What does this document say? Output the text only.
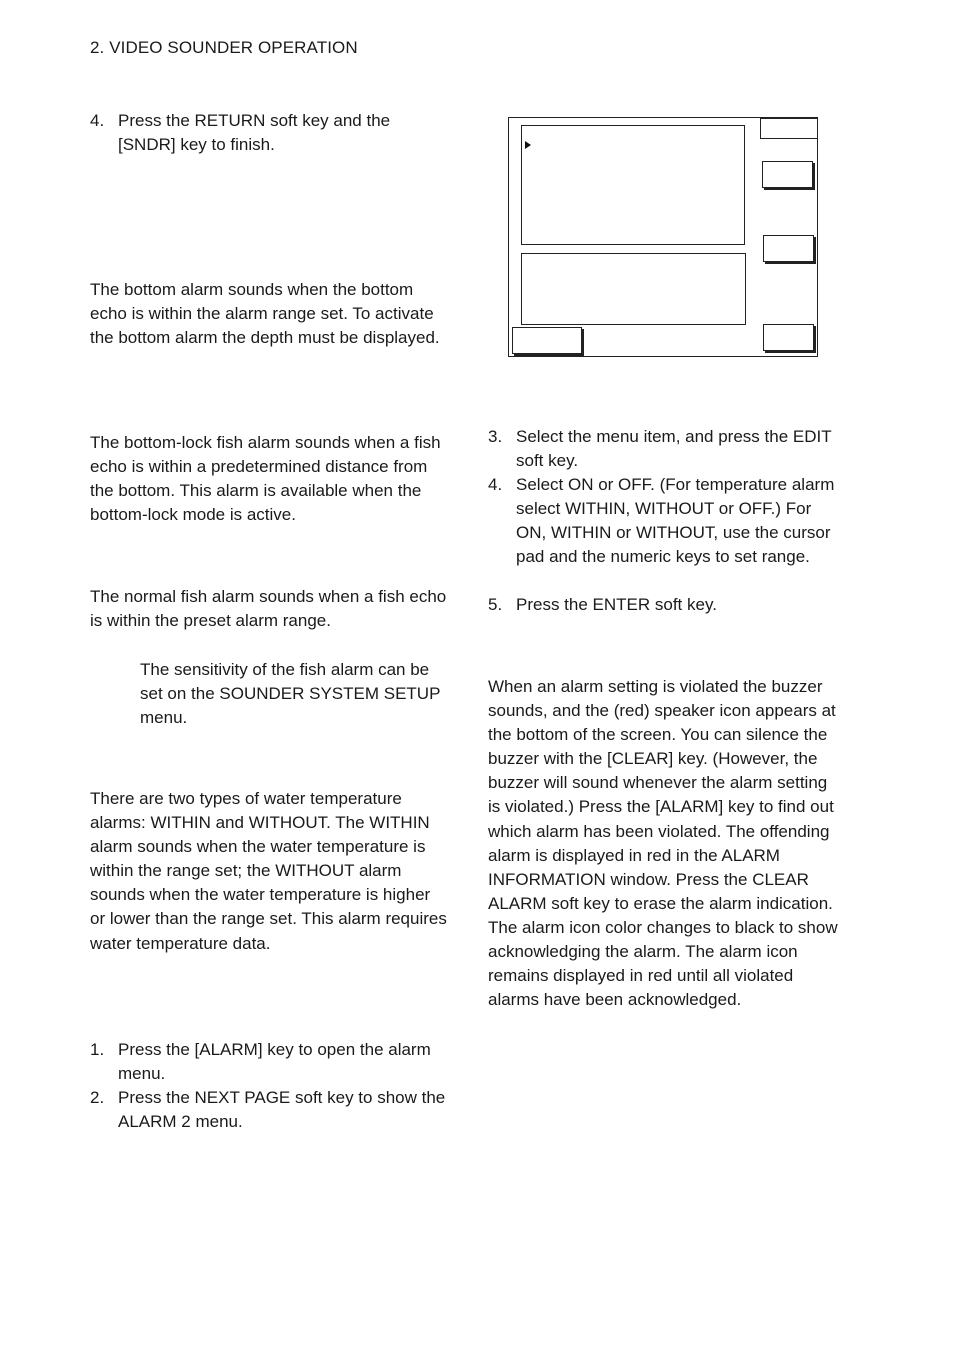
2. VIDEO SOUNDER OPERATION
4. Press the RETURN soft key and the [SNDR] key to finish.

The bottom alarm sounds when the bottom echo is within the alarm range set. To activate the bottom alarm the depth must be displayed.

The bottom-lock fish alarm sounds when a fish echo is within a predetermined distance from the bottom. This alarm is available when the bottom-lock mode is active.

The normal fish alarm sounds when a fish echo is within the preset alarm range.

The sensitivity of the fish alarm can be set on the SOUNDER SYSTEM SETUP menu.

There are two types of water temperature alarms: WITHIN and WITHOUT. The WITHIN alarm sounds when the water temperature is within the range set; the WITHOUT alarm sounds when the water temperature is higher or lower than the range set. This alarm requires water temperature data.

1. Press the [ALARM] key to open the alarm menu.
2. Press the NEXT PAGE soft key to show the ALARM 2 menu.
3. Select the menu item, and press the EDIT soft key.
4. Select ON or OFF. (For temperature alarm select WITHIN, WITHOUT or OFF.) For ON, WITHIN or WITHOUT, use the cursor pad and the numeric keys to set range.
5. Press the ENTER soft key.

When an alarm setting is violated the buzzer sounds, and the (red) speaker icon appears at the bottom of the screen. You can silence the buzzer with the [CLEAR] key. (However, the buzzer will sound whenever the alarm setting is violated.) Press the [ALARM] key to find out which alarm has been violated. The offending alarm is displayed in red in the ALARM INFORMATION window. Press the CLEAR ALARM soft key to erase the alarm indication. The alarm icon color changes to black to show acknowledging the alarm. The alarm icon remains displayed in red until all violated alarms have been acknowledged.
